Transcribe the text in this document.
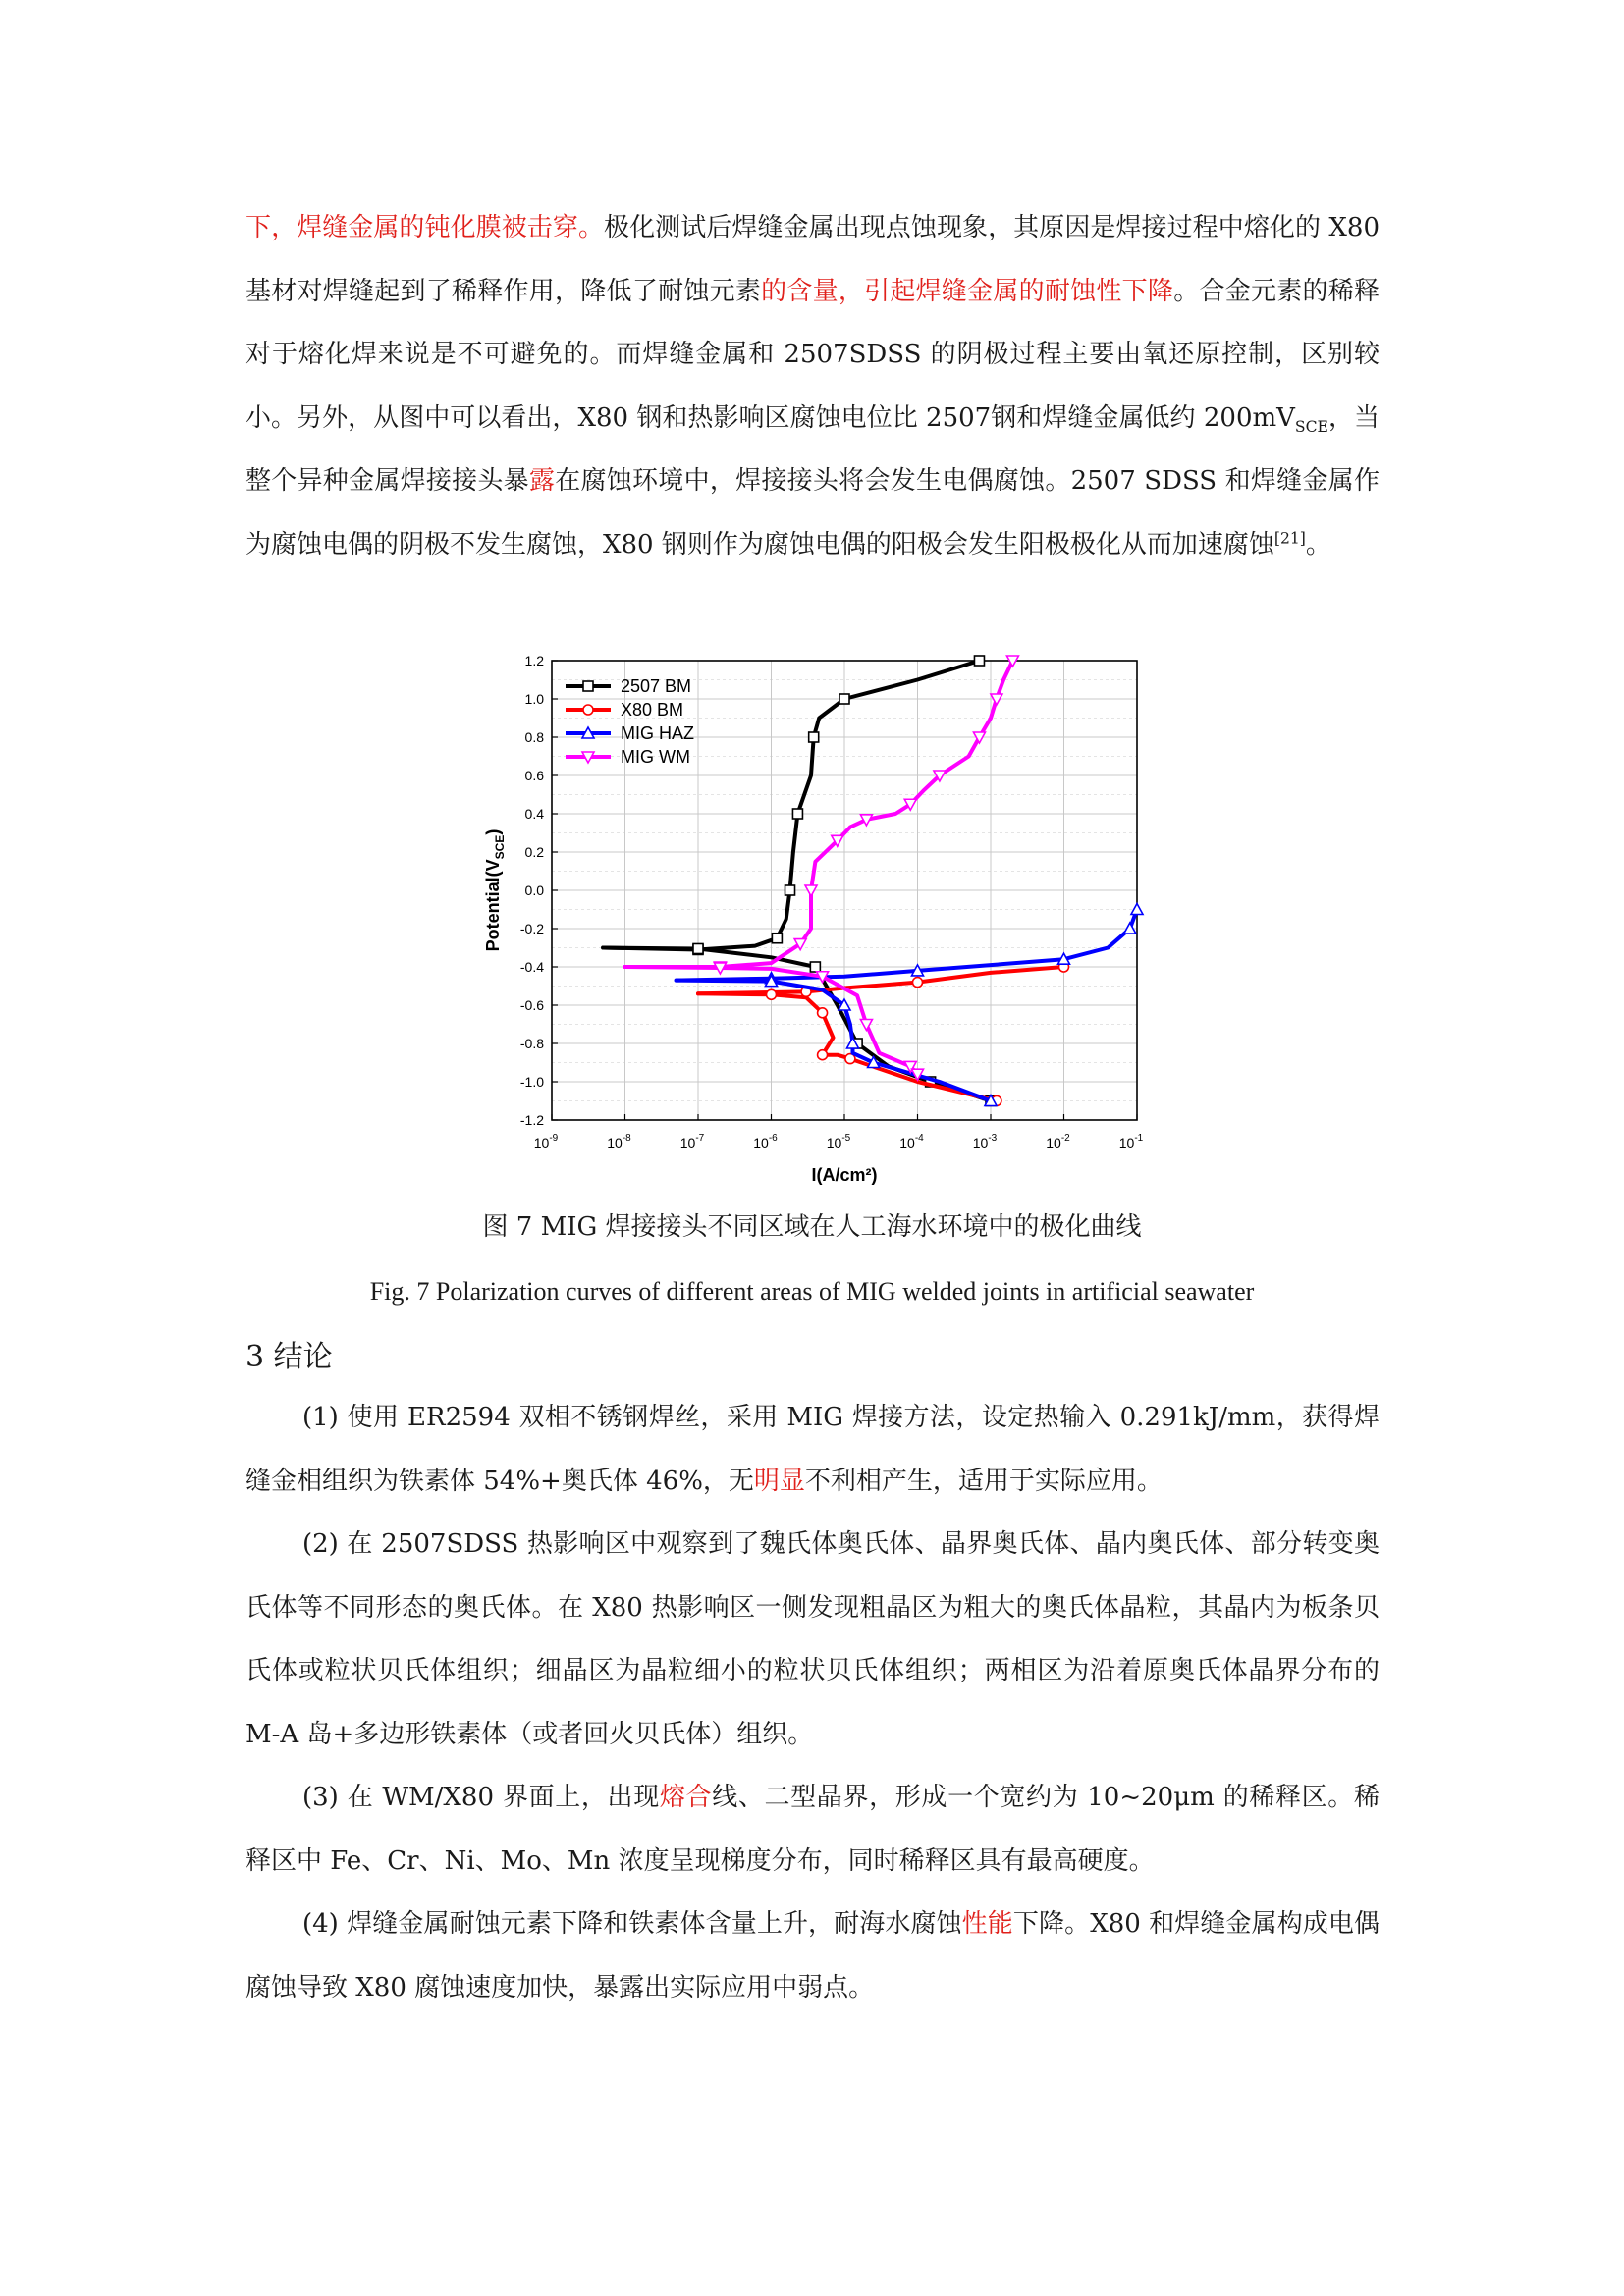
下，焊缝金属的钝化膜被击穿。极化测试后焊缝金属出现点蚀现象，其原因是焊接过程中熔化的 X80 基材对焊缝起到了稀释作用，降低了耐蚀元素的含量，引起焊缝金属的耐蚀性下降。合金元素的稀释对于熔化焊来说是不可避免的。而焊缝金属和 2507SDSS 的阴极过程主要由氧还原控制，区别较小。另外，从图中可以看出，X80 钢和热影响区腐蚀电位比 2507钢和焊缝金属低约 $200mV_{SCE}$，当整个异种金属焊接接头暴露在腐蚀环境中，焊接接头将会发生电偶腐蚀。2507 SDSS 和焊缝金属作为腐蚀电偶的阴极不发生腐蚀，X80 钢则作为腐蚀电偶的阳极会发生阳极极化从而加速腐蚀[21]。
-1.2
-1.0
-0.8
-0.6
-0.4
-0.2
0.0
0.2
0.4
0.6
0.8
1.0
1.2
$10^{-9}$	$10^{-8}$	$10^{-7}$	$10^{-6}$	$10^{-5}$	$10^{-4}$	$10^{-3}$	$10^{-2}$	$10^{-1}$
I(A/cm²)
$Potential(V_{SCE})$
2507 BM
X80 BM
MIG HAZ
MIG WM
图 7 MIG 焊接接头不同区域在人工海水环境中的极化曲线
Fig. 7 Polarization curves of different areas of MIG welded joints in artificial seawater
3 结论
(1) 使用 ER2594 双相不锈钢焊丝，采用 MIG 焊接方法，设定热输入 0.291kJ/mm，获得焊缝金相组织为铁素体 54%+奥氏体 46%，无明显不利相产生，适用于实际应用。
(2) 在 2507SDSS 热影响区中观察到了魏氏体奥氏体、晶界奥氏体、晶内奥氏体、部分转变奥氏体等不同形态的奥氏体。在 X80 热影响区一侧发现粗晶区为粗大的奥氏体晶粒，其晶内为板条贝氏体或粒状贝氏体组织；细晶区为晶粒细小的粒状贝氏体组织；两相区为沿着原奥氏体晶界分布的 M-A 岛+多边形铁素体（或者回火贝氏体）组织。
(3) 在 WM/X80 界面上，出现熔合线、二型晶界，形成一个宽约为 10~20μm 的稀释区。稀释区中 Fe、Cr、Ni、Mo、Mn 浓度呈现梯度分布，同时稀释区具有最高硬度。
(4) 焊缝金属耐蚀元素下降和铁素体含量上升，耐海水腐蚀性能下降。X80 和焊缝金属构成电偶腐蚀导致 X80 腐蚀速度加快，暴露出实际应用中弱点。
